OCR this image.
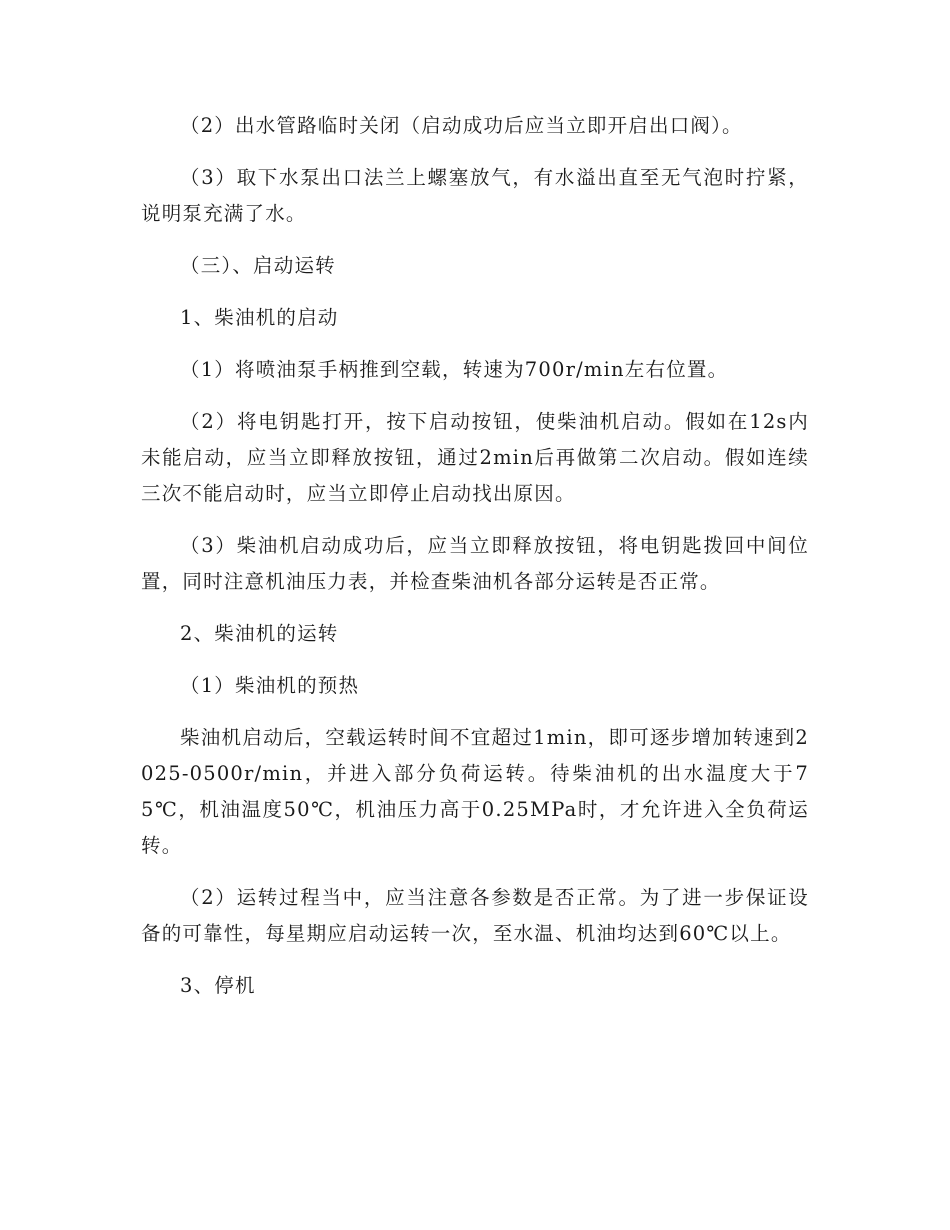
（2）出水管路临时关闭（启动成功后应当立即开启出口阀）。

（3）取下水泵出口法兰上螺塞放气，有水溢出直至无气泡时拧紧，说明泵充满了水。

（三）、启动运转

1、柴油机的启动

（1）将喷油泵手柄推到空载，转速为700r/min左右位置。

（2）将电钥匙打开，按下启动按钮，使柴油机启动。假如在12s内未能启动，应当立即释放按钮，通过2min后再做第二次启动。假如连续三次不能启动时，应当立即停止启动找出原因。

（3）柴油机启动成功后，应当立即释放按钮，将电钥匙拨回中间位置，同时注意机油压力表，并检查柴油机各部分运转是否正常。

2、柴油机的运转

（1）柴油机的预热

柴油机启动后，空载运转时间不宜超过1min，即可逐步增加转速到2025-0500r/min，并进入部分负荷运转。待柴油机的出水温度大于75℃，机油温度50℃，机油压力高于0.25MPa时，才允许进入全负荷运转。

（2）运转过程当中，应当注意各参数是否正常。为了进一步保证设备的可靠性，每星期应启动运转一次，至水温、机油均达到60℃以上。

3、停机
